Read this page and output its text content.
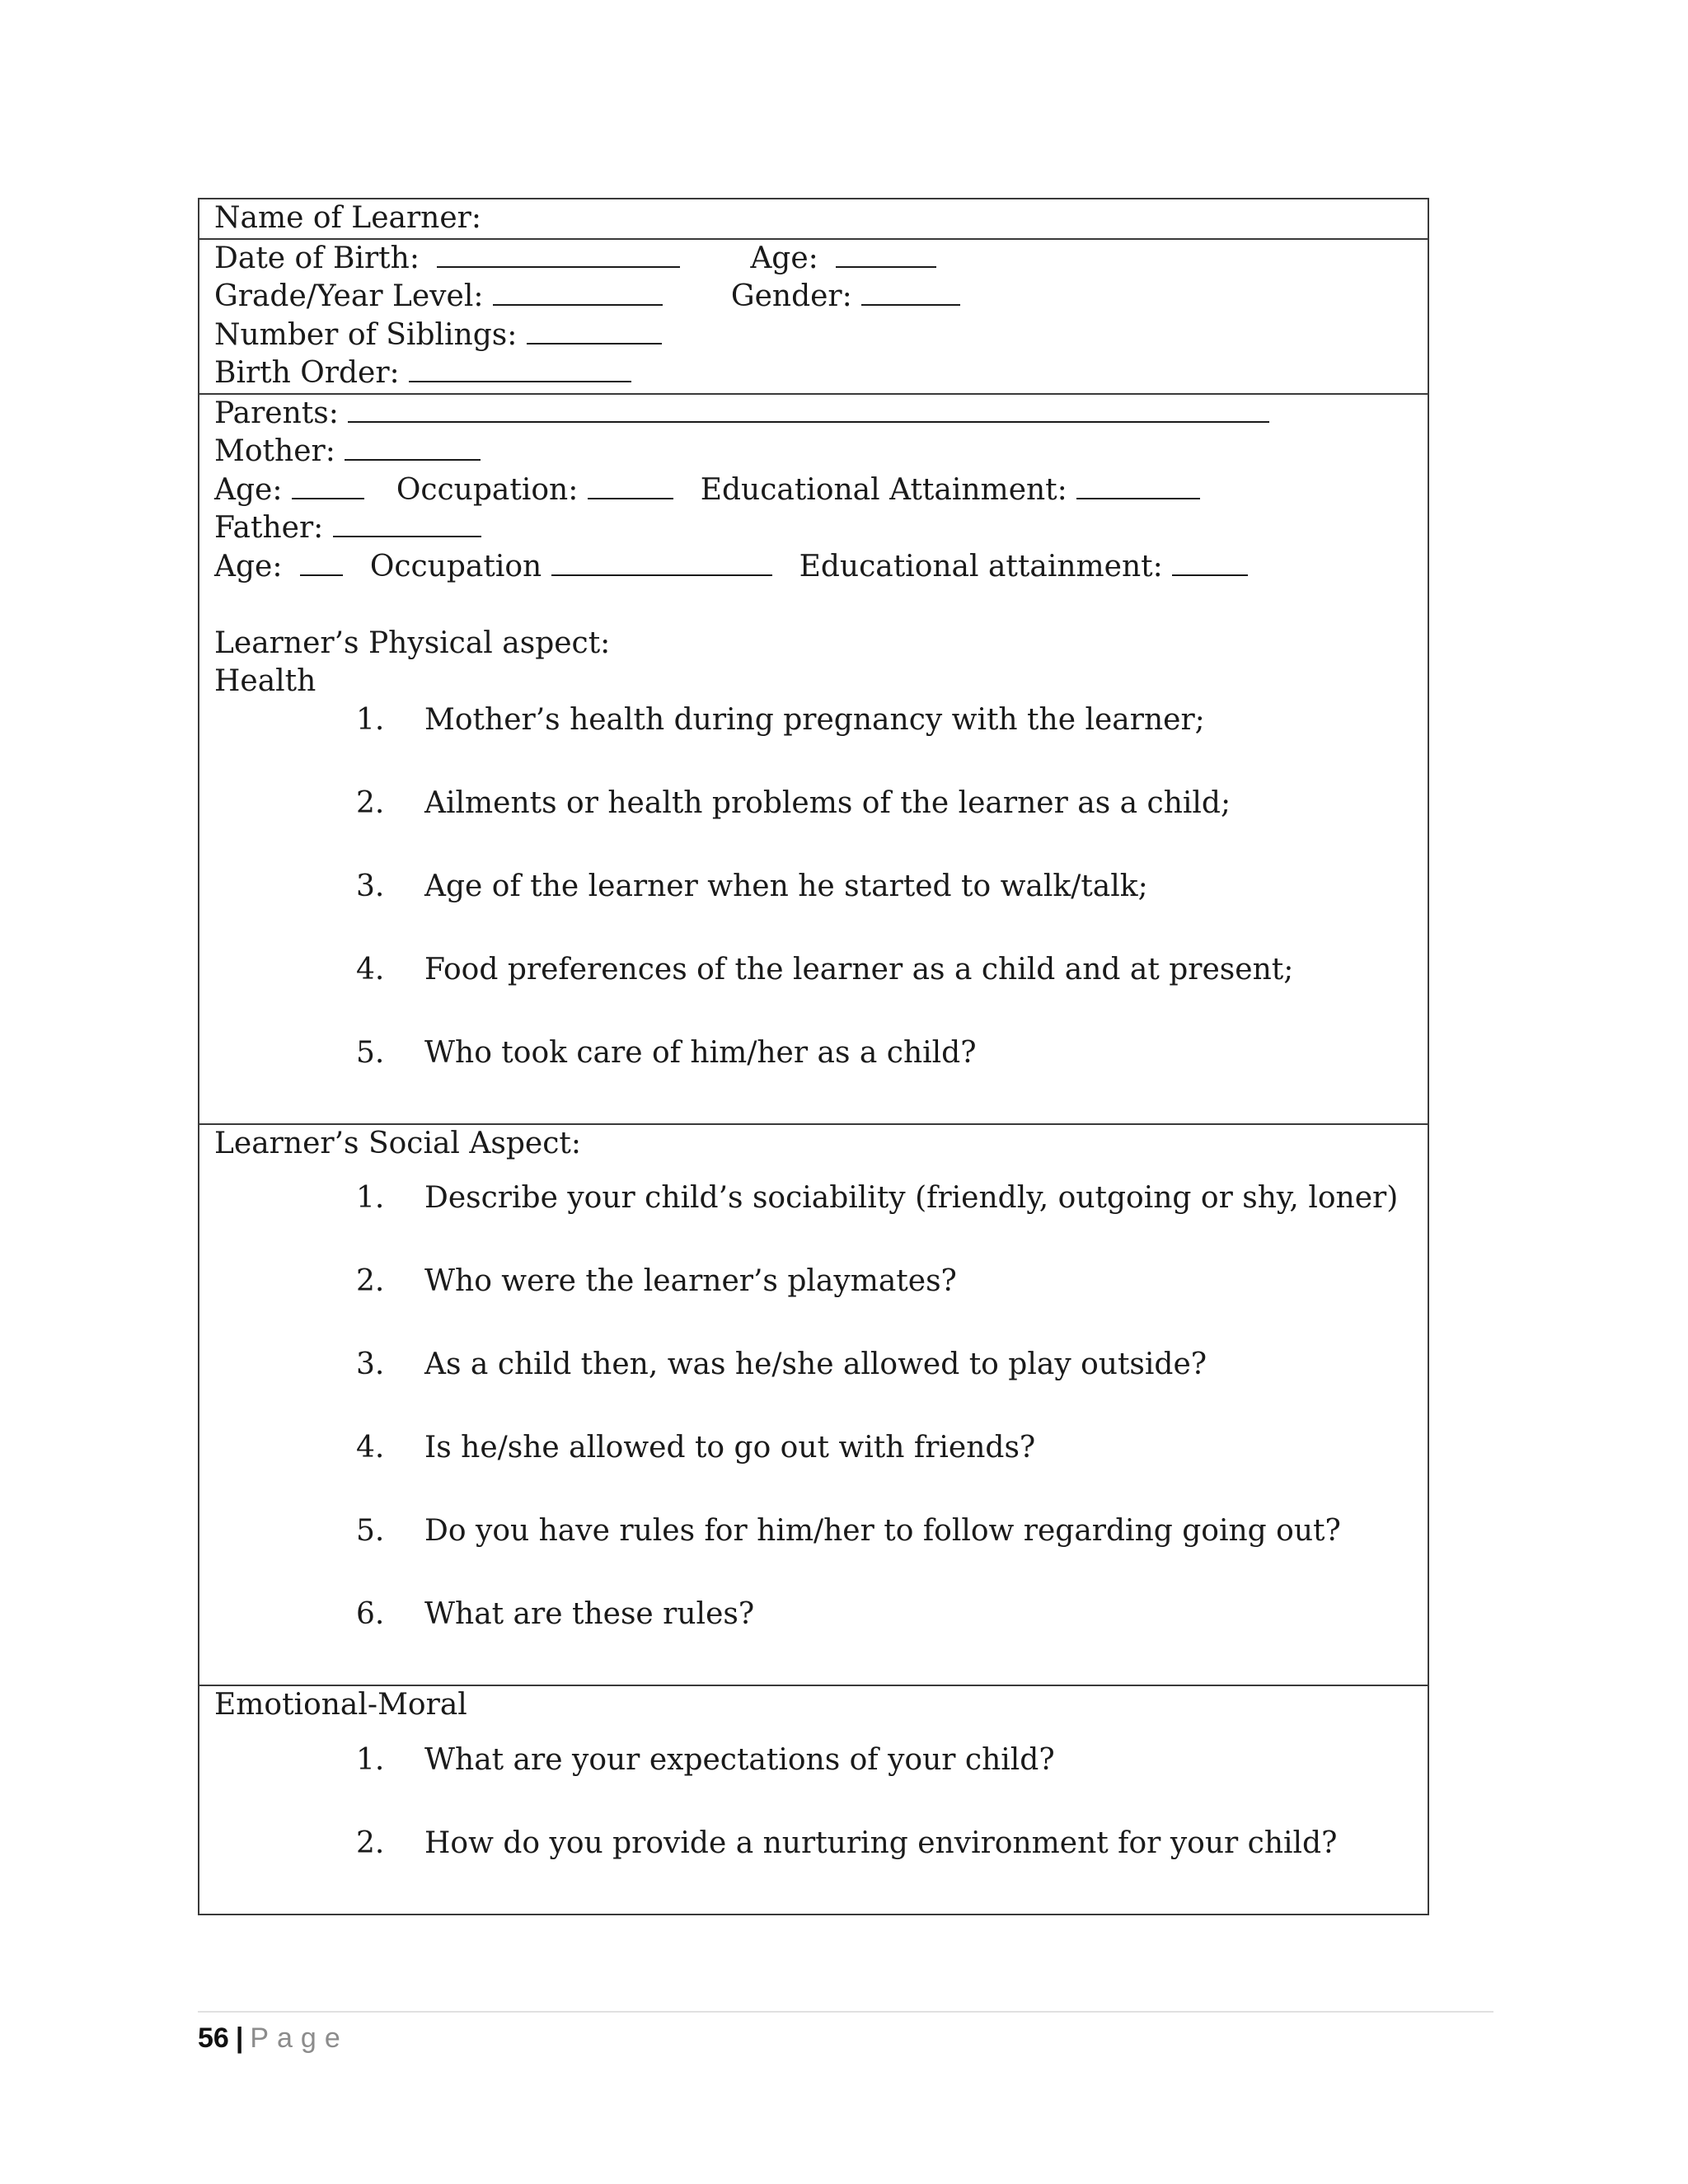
Name of Learner:
Date of Birth:	Age:
Grade/Year Level:	Gender:
Number of Siblings:
Birth Order:
Parents:
Mother:
Age:	Occupation:	Educational Attainment:
Father:
Age:	Occupation	Educational attainment:
Learner’s Physical aspect:
Health
1. Mother’s health during pregnancy with the learner;
2. Ailments or health problems of the learner as a child;
3. Age of the learner when he started to walk/talk;
4. Food preferences of the learner as a child and at present;
5. Who took care of him/her as a child?
Learner’s Social Aspect:
1. Describe your child’s sociability (friendly, outgoing or shy, loner)
2. Who were the learner’s playmates?
3. As a child then, was he/she allowed to play outside?
4. Is he/she allowed to go out with friends?
5. Do you have rules for him/her to follow regarding going out?
6. What are these rules?
Emotional-Moral
1. What are your expectations of your child?
2. How do you provide a nurturing environment for your child?
56 | Page
